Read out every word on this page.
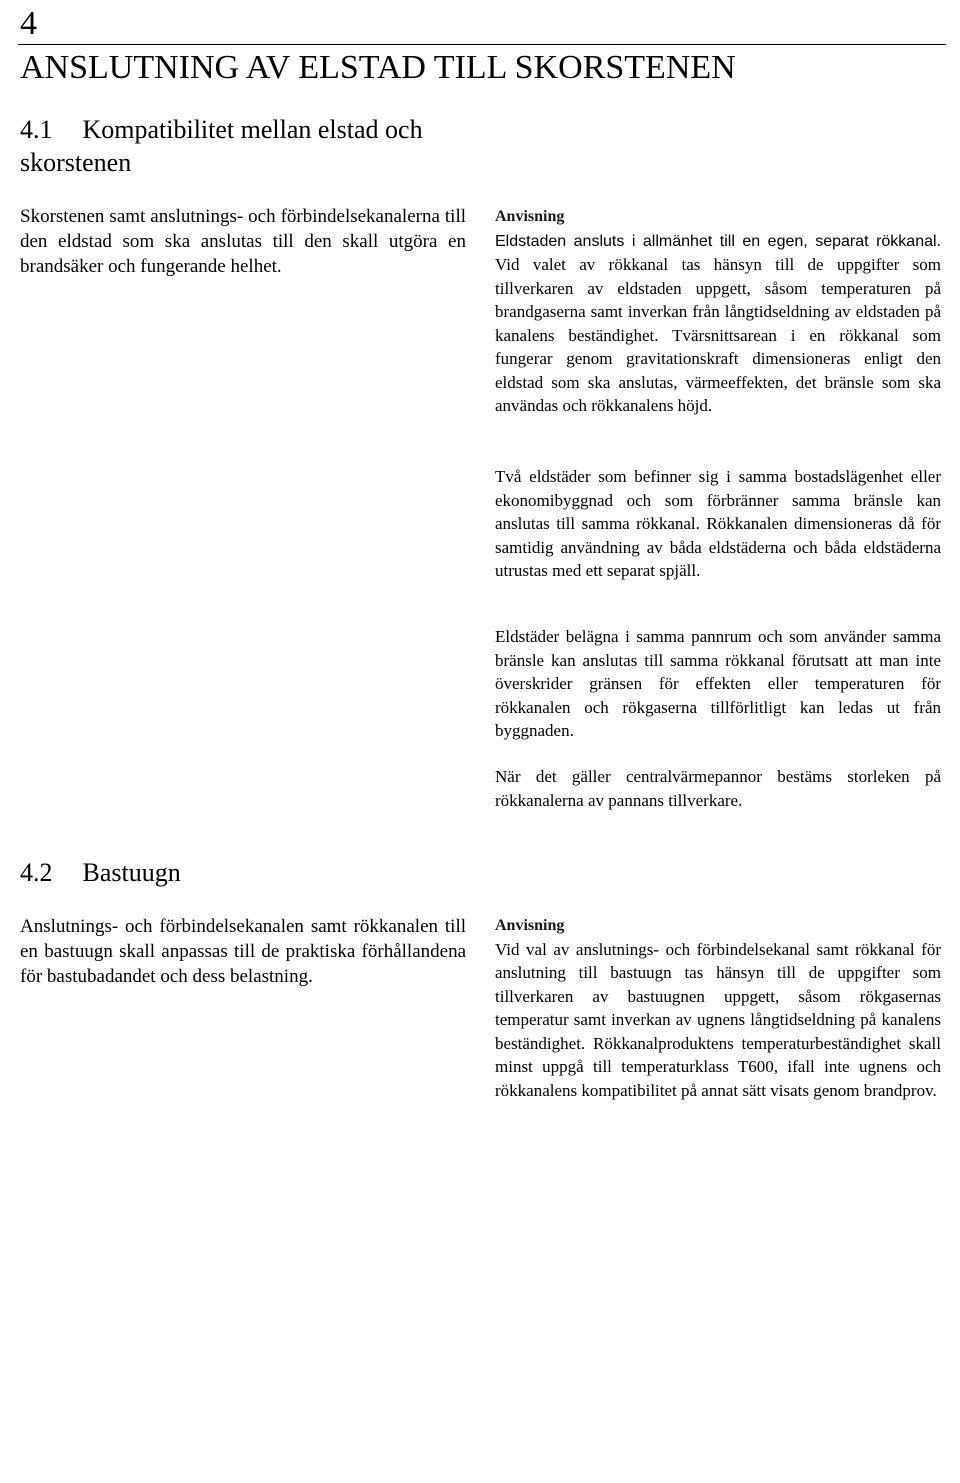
4
ANSLUTNING AV ELSTAD TILL SKORSTENEN
4.1 Kompatibilitet mellan elstad och skorstenen

Skorstenen samt anslutnings- och förbindelsekanalerna till den eldstad som ska anslutas till den skall utgöra en brandsäker och fungerande helhet.

Anvisning
Eldstaden ansluts i allmänhet till en egen, separat rökkanal. Vid valet av rökkanal tas hänsyn till de uppgifter som tillverkaren av eldstaden uppgett, såsom temperaturen på brandgaserna samt inverkan från långtidseldning av eldstaden på kanalens beständighet. Tvärsnittsarean i en rökkanal som fungerar genom gravitationskraft dimensioneras enligt den eldstad som ska anslutas, värmeeffekten, det bränsle som ska användas och rökkanalens höjd.

Två eldstäder som befinner sig i samma bostadslägenhet eller ekonomibyggnad och som förbränner samma bränsle kan anslutas till samma rökkanal. Rökkanalen dimensioneras då för samtidig användning av båda eldstäderna och båda eldstäderna utrustas med ett separat spjäll.

Eldstäder belägna i samma pannrum och som använder samma bränsle kan anslutas till samma rökkanal förutsatt att man inte överskrider gränsen för effekten eller temperaturen för rökkanalen och rökgaserna tillförlitligt kan ledas ut från byggnaden.

När det gäller centralvärmepannor bestäms storleken på rökkanalerna av pannans tillverkare.

4.2 Bastuugn

Anslutnings- och förbindelsekanalen samt rökkanalen till en bastuugn skall anpassas till de praktiska förhållandena för bastubadandet och dess belastning.

Anvisning
Vid val av anslutnings- och förbindelsekanal samt rökkanal för anslutning till bastuugn tas hänsyn till de uppgifter som tillverkaren av bastuugnen uppgett, såsom rökgasernas temperatur samt inverkan av ugnens långtidseldning på kanalens beständighet. Rökkanalproduktens temperaturbeständighet skall minst uppgå till temperaturklass T600, ifall inte ugnens och rökkanalens kompatibilitet på annat sätt visats genom brandprov.
